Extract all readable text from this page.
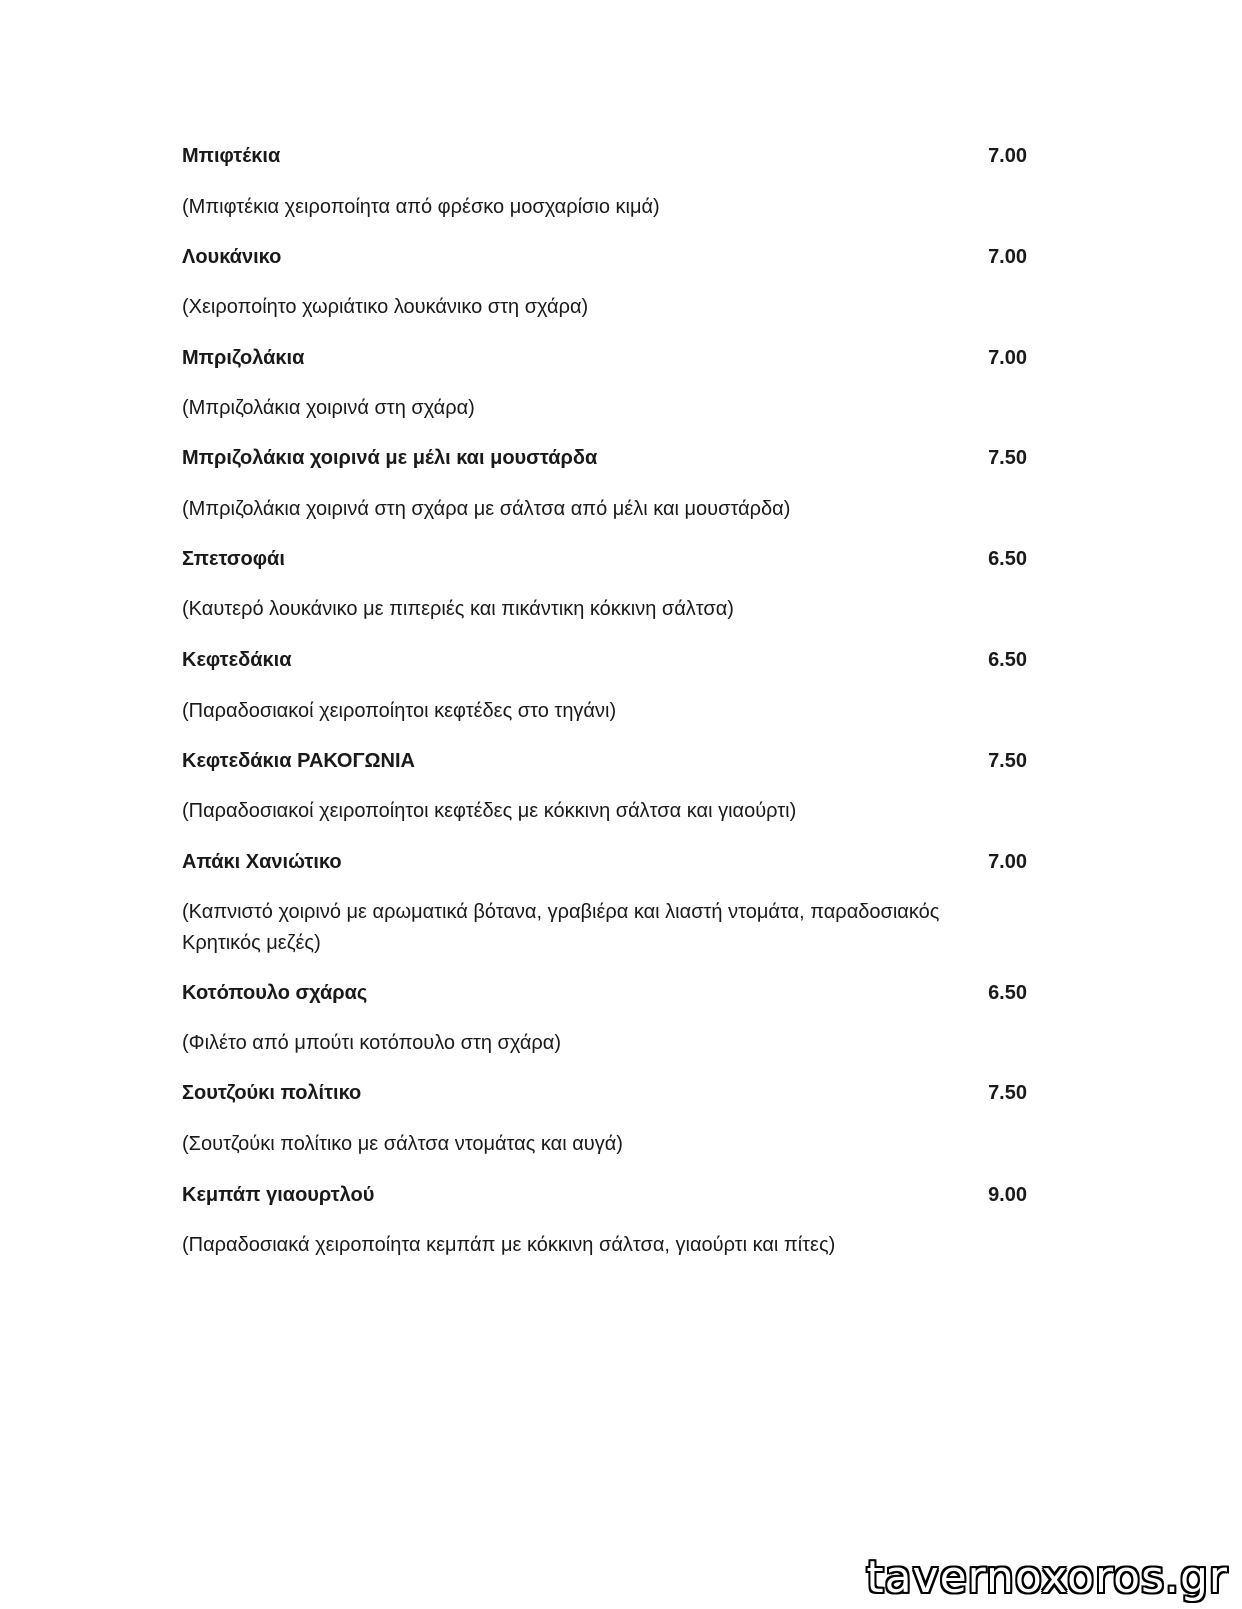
Μπιφτέκια	7.00
(Μπιφτέκια χειροποίητα από φρέσκο μοσχαρίσιο κιμά)
Λουκάνικο	7.00
(Χειροποίητο χωριάτικο λουκάνικο στη σχάρα)
Μπριζολάκια	7.00
(Μπριζολάκια χοιρινά στη σχάρα)
Μπριζολάκια χοιρινά με μέλι και μουστάρδα	7.50
(Μπριζολάκια χοιρινά στη σχάρα με σάλτσα από μέλι και μουστάρδα)
Σπετσοφάι	6.50
(Καυτερό λουκάνικο με πιπεριές και πικάντικη κόκκινη σάλτσα)
Κεφτεδάκια	6.50
(Παραδοσιακοί χειροποίητοι κεφτέδες στο τηγάνι)
Κεφτεδάκια ΡΑΚΟΓΩΝΙΑ	7.50
(Παραδοσιακοί χειροποίητοι κεφτέδες με κόκκινη σάλτσα και γιαούρτι)
Απάκι Χανιώτικο	7.00
(Καπνιστό χοιρινό με αρωματικά βότανα, γραβιέρα και λιαστή ντομάτα, παραδοσιακός Κρητικός μεζές)
Κοτόπουλο σχάρας	6.50
(Φιλέτο από μπούτι κοτόπουλο στη σχάρα)
Σουτζούκι πολίτικο	7.50
(Σουτζούκι πολίτικο με σάλτσα ντομάτας και αυγά)
Κεμπάπ γιαουρτλού	9.00
(Παραδοσιακά χειροποίητα κεμπάπ με κόκκινη σάλτσα, γιαούρτι και πίτες)
tavernoxoros.gr
